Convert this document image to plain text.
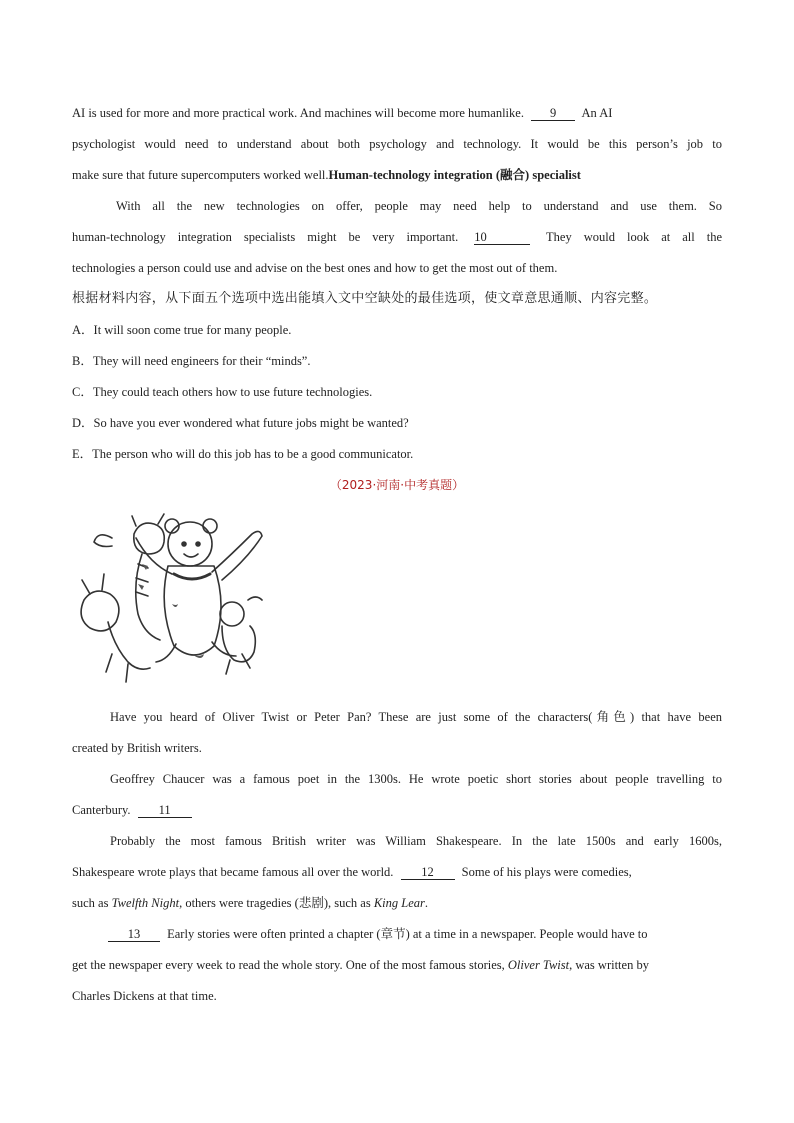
AI is used for more and more practical work. And machines will become more humanlike. 9 An AI
psychologist would need to understand about both psychology and technology. It would be this person’s job to
make sure that future supercomputers worked well.Human-technology integration (融合) specialist
With all the new technologies on offer, people may need help to understand and use them. So
human-technology integration specialists might be very important. 10	They would look at all the
technologies a person could use and advise on the best ones and how to get the most out of them.
根据材料内容，从下面五个选项中选出能填入文中空缺处的最佳选项，使文章意思通顺、内容完整。
A．It will soon come true for many people.
B．They will need engineers for their “minds”.
C．They could teach others how to use future technologies.
D．So have you ever wondered what future jobs might be wanted?
E．The person who will do this job has to be a good communicator.
（2023·河南·中考真题）
Have you heard of Oliver Twist or Peter Pan? These are just some of the characters(角色) that have been
created by British writers.
Geoffrey Chaucer was a famous poet in the 1300s. He wrote poetic short stories about people travelling to
Canterbury. 11
Probably the most famous British writer was William Shakespeare. In the late 1500s and early 1600s,
Shakespeare wrote plays that became famous all over the world. 12 Some of his plays were comedies,
such as Twelfth Night, others were tragedies (悲剧), such as King Lear.
13 Early stories were often printed a chapter (章节) at a time in a newspaper. People would have to
get the newspaper every week to read the whole story. One of the most famous stories, Oliver Twist, was written by
Charles Dickens at that time.
